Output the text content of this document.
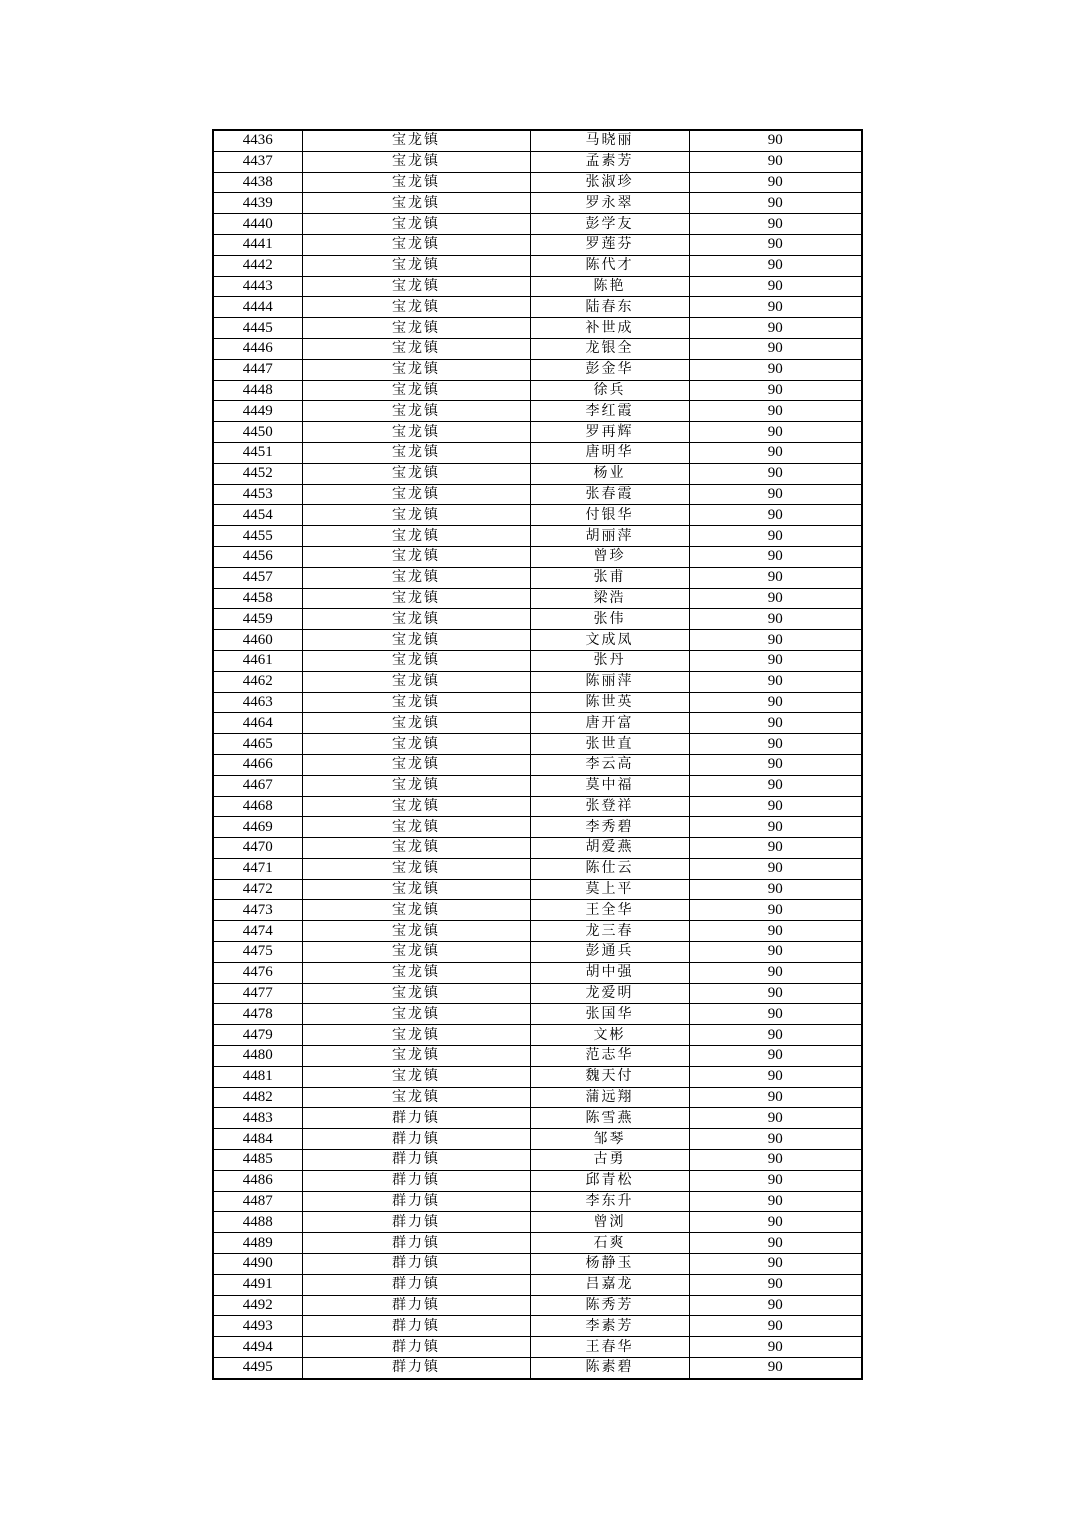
4436	宝龙镇	马晓丽	90
4437	宝龙镇	孟素芳	90
4438	宝龙镇	张淑珍	90
4439	宝龙镇	罗永翠	90
4440	宝龙镇	彭学友	90
4441	宝龙镇	罗莲芬	90
4442	宝龙镇	陈代才	90
4443	宝龙镇	陈艳	90
4444	宝龙镇	陆春东	90
4445	宝龙镇	补世成	90
4446	宝龙镇	龙银全	90
4447	宝龙镇	彭金华	90
4448	宝龙镇	徐兵	90
4449	宝龙镇	李红霞	90
4450	宝龙镇	罗再辉	90
4451	宝龙镇	唐明华	90
4452	宝龙镇	杨业	90
4453	宝龙镇	张春霞	90
4454	宝龙镇	付银华	90
4455	宝龙镇	胡丽萍	90
4456	宝龙镇	曾珍	90
4457	宝龙镇	张甫	90
4458	宝龙镇	梁浩	90
4459	宝龙镇	张伟	90
4460	宝龙镇	文成凤	90
4461	宝龙镇	张丹	90
4462	宝龙镇	陈丽萍	90
4463	宝龙镇	陈世英	90
4464	宝龙镇	唐开富	90
4465	宝龙镇	张世直	90
4466	宝龙镇	李云高	90
4467	宝龙镇	莫中福	90
4468	宝龙镇	张登祥	90
4469	宝龙镇	李秀碧	90
4470	宝龙镇	胡爱燕	90
4471	宝龙镇	陈仕云	90
4472	宝龙镇	莫上平	90
4473	宝龙镇	王全华	90
4474	宝龙镇	龙三春	90
4475	宝龙镇	彭通兵	90
4476	宝龙镇	胡中强	90
4477	宝龙镇	龙爱明	90
4478	宝龙镇	张国华	90
4479	宝龙镇	文彬	90
4480	宝龙镇	范志华	90
4481	宝龙镇	魏天付	90
4482	宝龙镇	蒲远翔	90
4483	群力镇	陈雪燕	90
4484	群力镇	邹琴	90
4485	群力镇	古勇	90
4486	群力镇	邱青松	90
4487	群力镇	李东升	90
4488	群力镇	曾浏	90
4489	群力镇	石爽	90
4490	群力镇	杨静玉	90
4491	群力镇	吕嘉龙	90
4492	群力镇	陈秀芳	90
4493	群力镇	李素芳	90
4494	群力镇	王春华	90
4495	群力镇	陈素碧	90
